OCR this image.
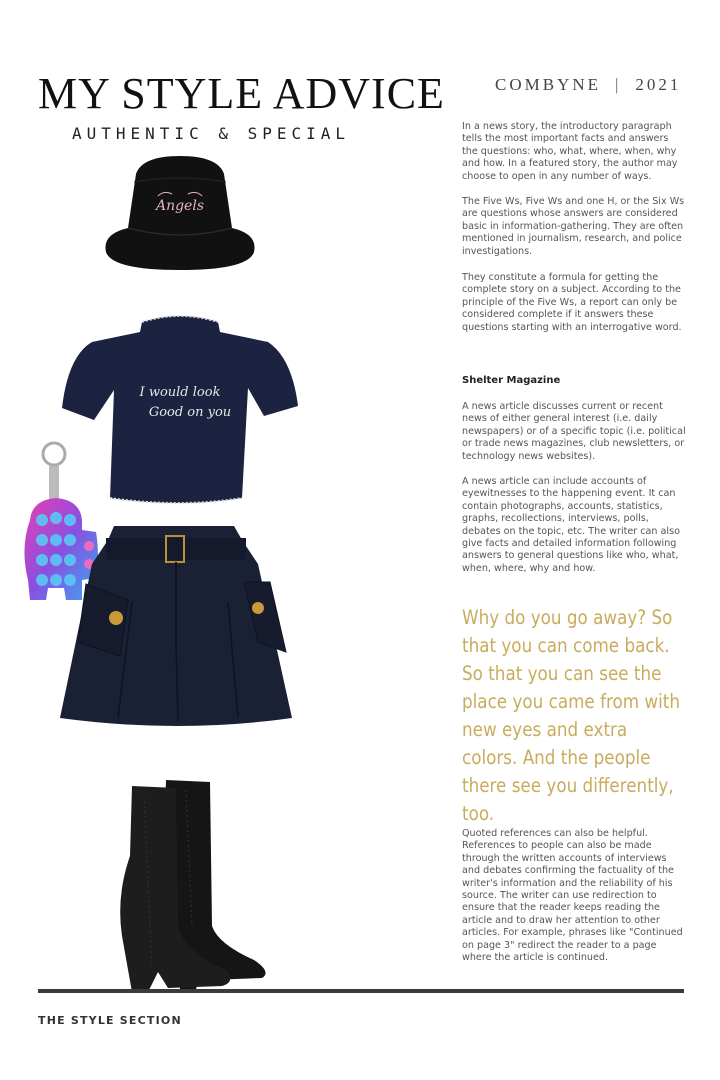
MY STYLE ADVICE
AUTHENTIC & SPECIAL
COMBYNE | 2021
Angels
I would look
Good on you
In a news story, the introductory paragraph tells the most important facts and answers the questions: who, what, where, when, why and how. In a featured story, the author may choose to open in any number of ways.
The Five Ws, Five Ws and one H, or the Six Ws are questions whose answers are considered basic in information-gathering. They are often mentioned in journalism, research, and police investigations.
They constitute a formula for getting the complete story on a subject. According to the principle of the Five Ws, a report can only be considered complete if it answers these questions starting with an interrogative word.
Shelter Magazine
A news article discusses current or recent news of either general interest (i.e. daily newspapers) or of a specific topic (i.e. political or trade news magazines, club newsletters, or technology news websites).
A news article can include accounts of eyewitnesses to the happening event. It can contain photographs, accounts, statistics, graphs, recollections, interviews, polls, debates on the topic, etc. The writer can also give facts and detailed information following answers to general questions like who, what, when, where, why and how.
Why do you go away? So that you can come back. So that you can see the place you came from with new eyes and extra colors. And the people there see you differently, too.
Quoted references can also be helpful. References to people can also be made through the written accounts of interviews and debates confirming the factuality of the writer's information and the reliability of his source. The writer can use redirection to ensure that the reader keeps reading the article and to draw her attention to other articles. For example, phrases like "Continued on page 3" redirect the reader to a page where the article is continued.
THE STYLE SECTION
